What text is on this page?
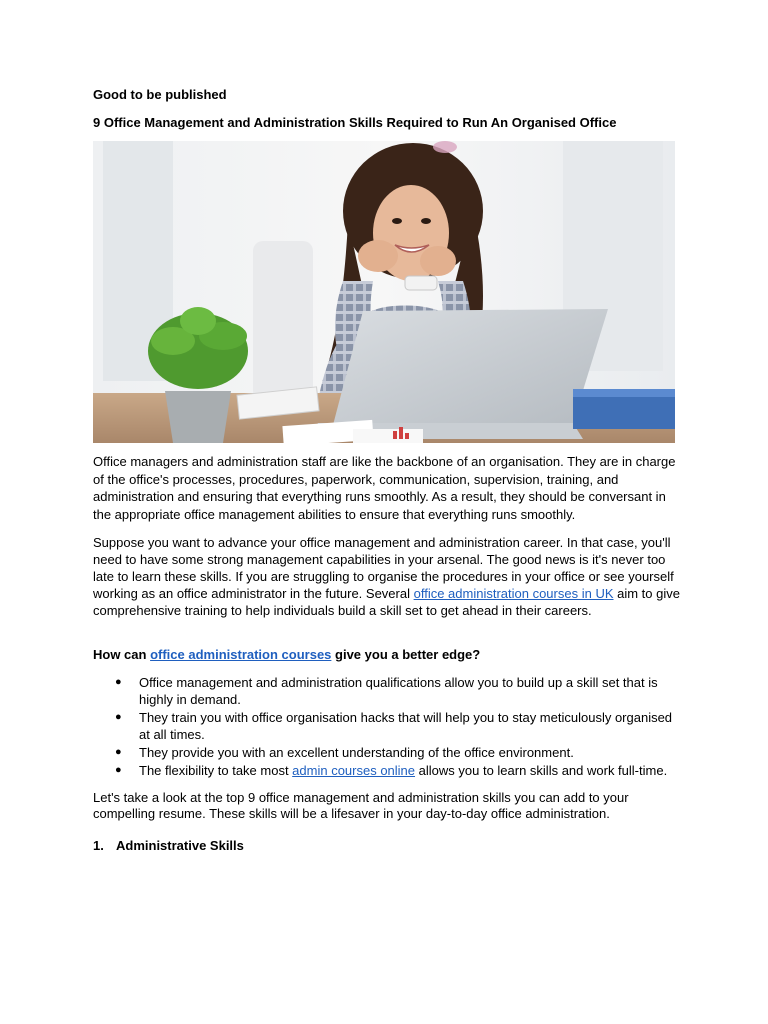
Good to be published

9 Office Management and Administration Skills Required to Run An Organised Office

Office managers and administration staff are like the backbone of an organisation. They are in charge of the office's processes, procedures, paperwork, communication, supervision, training, and administration and ensuring that everything runs smoothly. As a result, they should be conversant in the appropriate office management abilities to ensure that everything runs smoothly.

Suppose you want to advance your office management and administration career. In that case, you'll need to have some strong management capabilities in your arsenal. The good news is it's never too late to learn these skills. If you are struggling to organise the procedures in your office or see yourself working as an office administrator in the future. Several office administration courses in UK aim to give comprehensive training to help individuals build a skill set to get ahead in their careers.

How can office administration courses give you a better edge?

● Office management and administration qualifications allow you to build up a skill set that is highly in demand.
● They train you with office organisation hacks that will help you to stay meticulously organised at all times.
● They provide you with an excellent understanding of the office environment.
● The flexibility to take most admin courses online allows you to learn skills and work full-time.

Let's take a look at the top 9 office management and administration skills you can add to your compelling resume. These skills will be a lifesaver in your day-to-day office administration.

1. Administrative Skills
